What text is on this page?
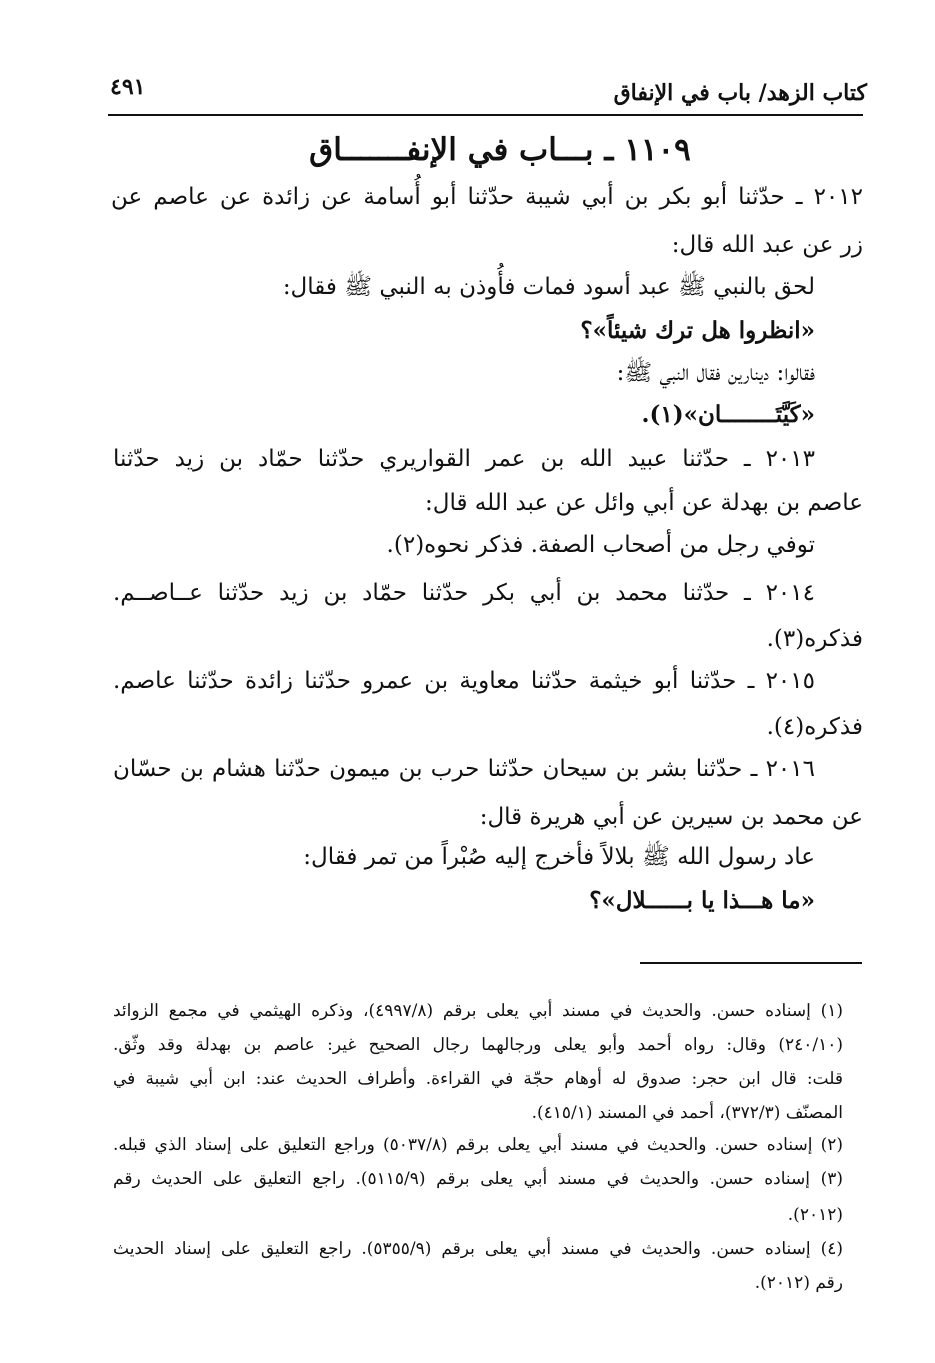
كتاب الزهد/ باب في الإنفاق
٤٩١
١١٠٩ ـ بـــاب في الإنفـــــــاق
٢٠١٢ ـ حدّثنا أبو بكر بن أبي شيبة حدّثنا أبو أُسامة عن زائدة عن عاصم عن
زر عن عبد الله قال:
لحق بالنبي ﷺ عبد أسود فمات فأُوذن به النبي ﷺ فقال:
«انظروا هل ترك شيئاً»؟
فقالوا: دينارين فقال النبي ﷺ:
«كَيَّتَــــــــان»(١).
٢٠١٣ ـ حدّثنا عبيد الله بن عمر القواريري حدّثنا حمّاد بن زيد حدّثنا
عاصم بن بهدلة عن أبي وائل عن عبد الله قال:
توفي رجل من أصحاب الصفة. فذكر نحوه(٢).
٢٠١٤ ـ حدّثنا محمد بن أبي بكر حدّثنا حمّاد بن زيد حدّثنا عــاصــم.
فذكره(٣).
٢٠١٥ ـ حدّثنا أبو خيثمة حدّثنا معاوية بن عمرو حدّثنا زائدة حدّثنا عاصم.
فذكره(٤).
٢٠١٦ ـ حدّثنا بشر بن سيحان حدّثنا حرب بن ميمون حدّثنا هشام بن حسّان
عن محمد بن سيرين عن أبي هريرة قال:
عاد رسول الله ﷺ بلالاً فأخرج إليه صُبْراً من تمر فقال:
«ما هـــذا يا بــــــلال»؟
(١) إسناده حسن. والحديث في مسند أبي يعلى برقم (٤٩٩٧/٨)، وذكره الهيثمي في مجمع الزوائد
(٢٤٠/١٠) وقال: رواه أحمد وأبو يعلى ورجالهما رجال الصحيح غير: عاصم بن بهدلة وقد وثّق.
قلت: قال ابن حجر: صدوق له أوهام حجّة في القراءة. وأطراف الحديث عند: ابن أبي شيبة في
المصنّف (٣٧٢/٣)، أحمد في المسند (٤١٥/١).
(٢) إسناده حسن. والحديث في مسند أبي يعلى برقم (٥٠٣٧/٨) وراجع التعليق على إسناد الذي قبله.
(٣) إسناده حسن. والحديث في مسند أبي يعلى برقم (٥١١٥/٩). راجع التعليق على الحديث رقم
(٢٠١٢).
(٤) إسناده حسن. والحديث في مسند أبي يعلى برقم (٥٣٥٥/٩). راجع التعليق على إسناد الحديث
رقم (٢٠١٢).
